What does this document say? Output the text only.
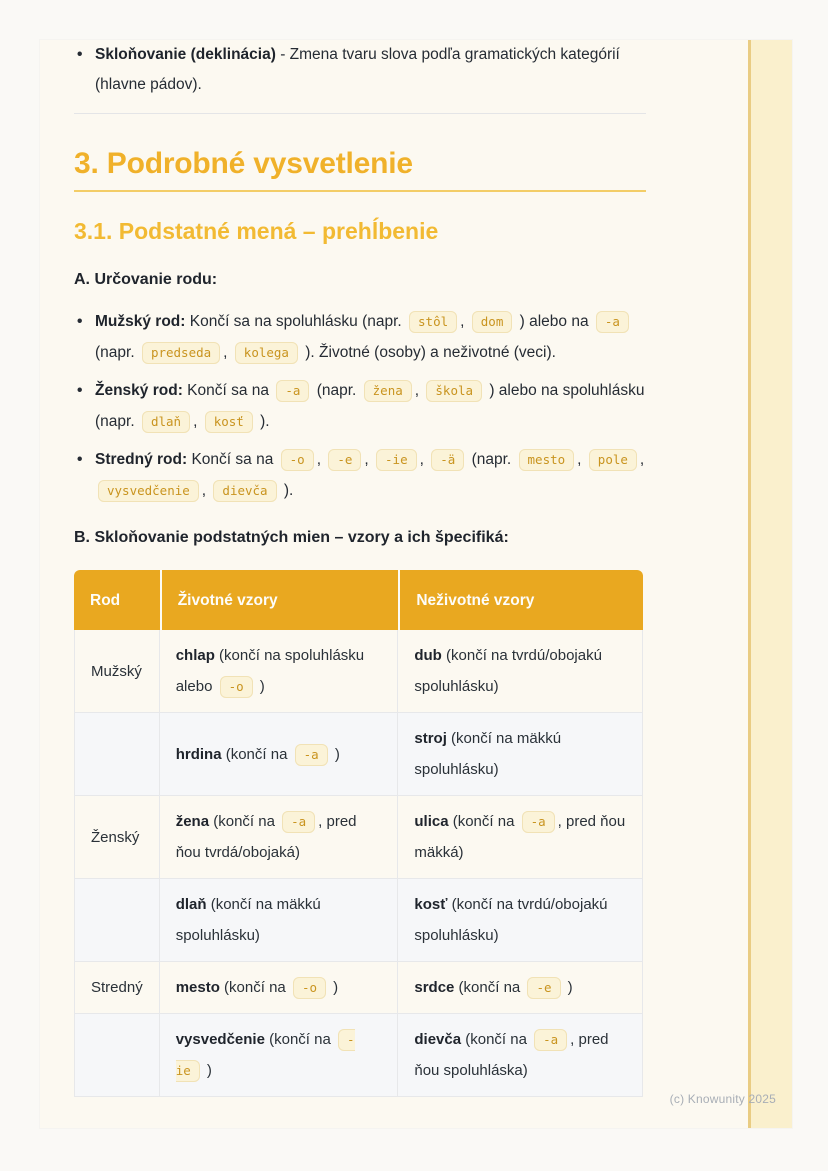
• Skloňovanie (deklinácia) - Zmena tvaru slova podľa gramatických kategórií (hlavne pádov).
3. Podrobné vysvetlenie
3.1. Podstatné mená – prehĺbenie

A. Určovanie rodu:

• Mužský rod: Končí sa na spoluhlásku (napr. stôl , dom ) alebo na -a (napr. predseda , kolega ). Životné (osoby) a neživotné (veci).
• Ženský rod: Končí sa na -a (napr. žena , škola ) alebo na spoluhlásku (napr. dlaň , kosť ).
• Stredný rod: Končí sa na -o , -e , -ie , -ä (napr. mesto , pole , vysvedčenie , dievča ).

B. Skloňovanie podstatných mien – vzory a ich špecifiká:

Rod	Životné vzory	Neživotné vzory
Mužský	chlap (končí na spoluhlásku alebo -o )	dub (končí na tvrdú/obojakú spoluhlásku)
	hrdina (končí na -a )	stroj (končí na mäkkú spoluhlásku)
Ženský	žena (končí na -a , pred ňou tvrdá/obojaká)	ulica (končí na -a , pred ňou mäkká)
	dlaň (končí na mäkkú spoluhlásku)	kosť (končí na tvrdú/obojakú spoluhlásku)
Stredný	mesto (končí na -o )	srdce (končí na -e )
	vysvedčenie (končí na -ie )	dievča (končí na -a , pred ňou spoluhláska)
(c) Knowunity 2025
